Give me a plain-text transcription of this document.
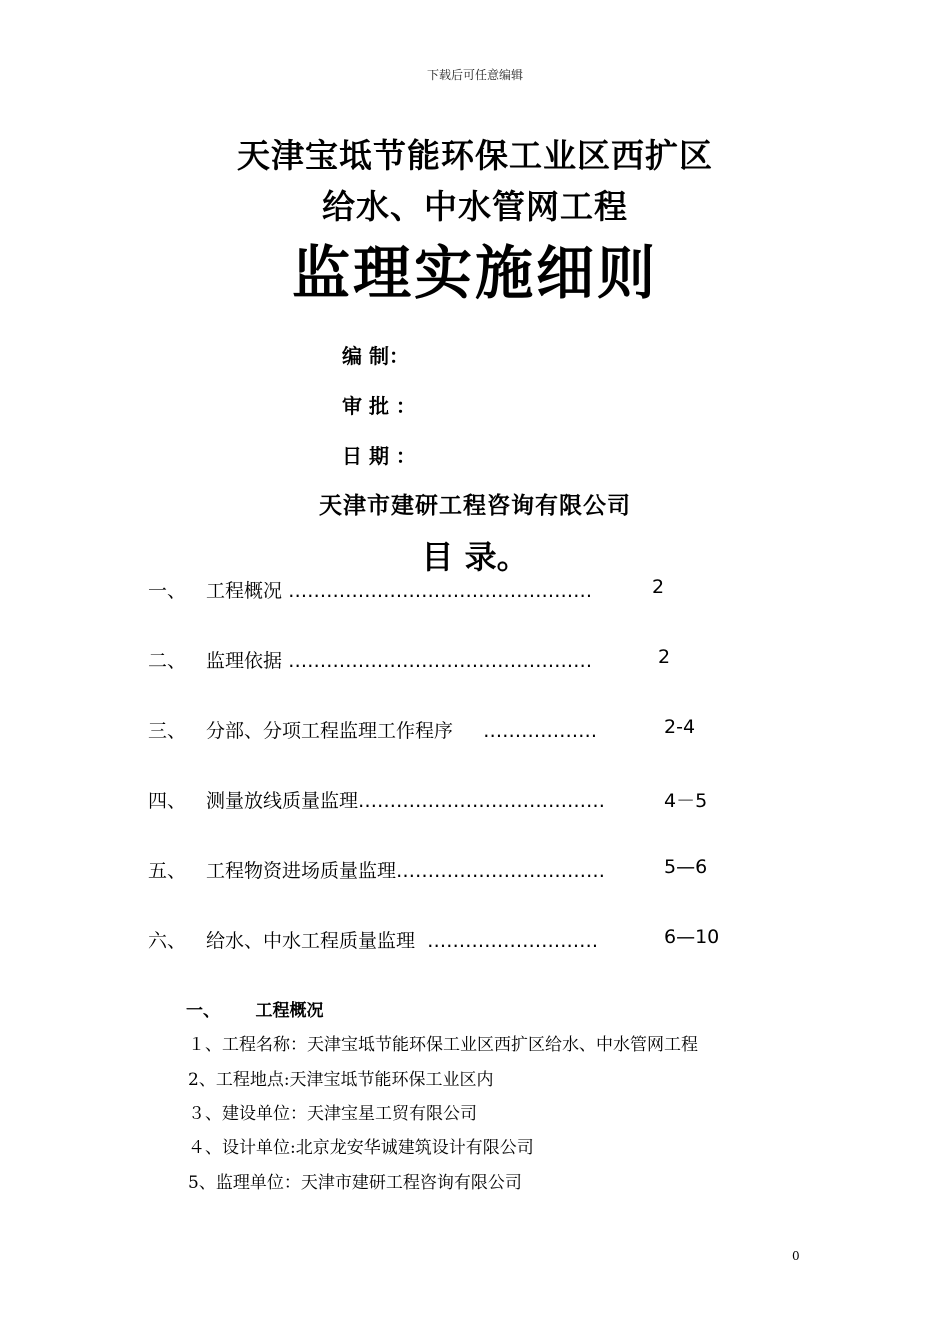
下载后可任意编辑
天津宝坻节能环保工业区西扩区
给水、中水管网工程
监理实施细则
编 制：
审 批 ：
日 期 ：
天津市建研工程咨询有限公司
目 录。
一、 工程概况 …………………………………………	2
二、 监理依据 …………………………………………	2
三、 分部、分项工程监理工作程序 ………………	2-4
四、 测量放线质量监理…………………………………	4－5
五、 工程物资进场质量监理……………………………	5—6
六、 给水、中水工程质量监理 ………………………	6—10
一、      工程概况
１、工程名称：天津宝坻节能环保工业区西扩区给水、中水管网工程
2、工程地点:天津宝坻节能环保工业区内
３、建设单位：天津宝星工贸有限公司
４、设计单位:北京龙安华诚建筑设计有限公司
5、监理单位：天津市建研工程咨询有限公司
0
